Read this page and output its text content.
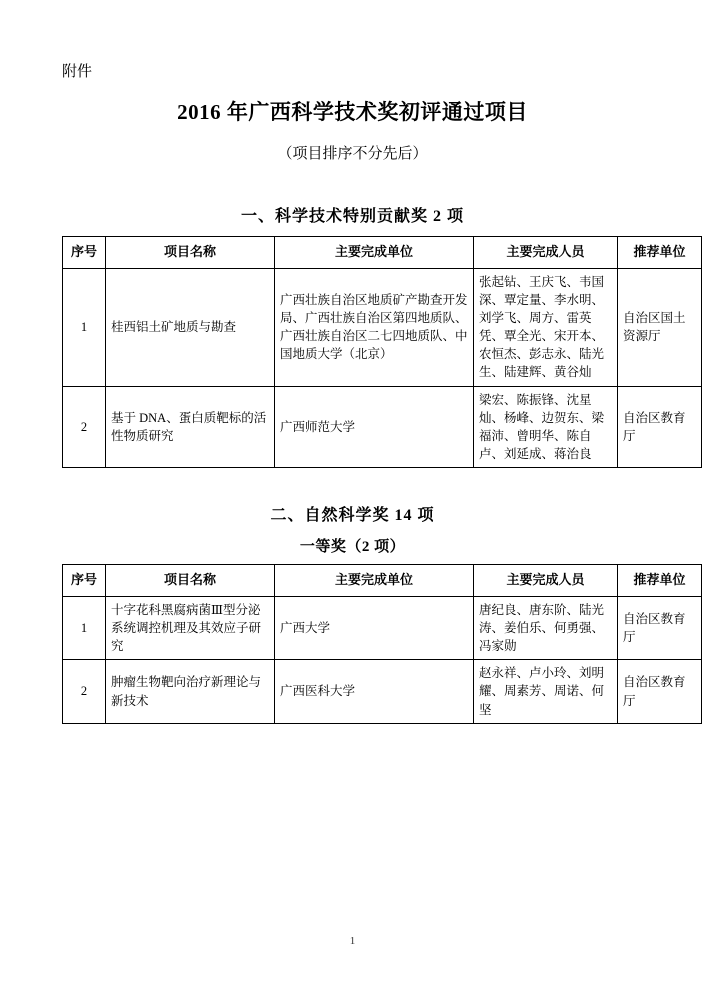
附件
2016 年广西科学技术奖初评通过项目
（项目排序不分先后）
一、科学技术特别贡献奖 2 项
序号	项目名称	主要完成单位	主要完成人员	推荐单位
1	桂西铝土矿地质与勘查	广西壮族自治区地质矿产勘查开发局、广西壮族自治区第四地质队、广西壮族自治区二七四地质队、中国地质大学（北京）	张起钻、王庆飞、韦国深、覃定量、李水明、刘学飞、周方、雷英凭、覃全光、宋开本、农恒杰、彭志永、陆光生、陆建辉、黄谷灿	自治区国土资源厅
2	基于 DNA、蛋白质靶标的活性物质研究	广西师范大学	梁宏、陈振锋、沈星灿、杨峰、边贺东、梁福沛、曾明华、陈自卢、刘延成、蒋治良	自治区教育厅
二、自然科学奖 14 项
一等奖（2 项）
序号	项目名称	主要完成单位	主要完成人员	推荐单位
1	十字花科黑腐病菌Ⅲ型分泌系统调控机理及其效应子研究	广西大学	唐纪良、唐东阶、陆光涛、姜伯乐、何勇强、冯家勋	自治区教育厅
2	肿瘤生物靶向治疗新理论与新技术	广西医科大学	赵永祥、卢小玲、刘明耀、周素芳、周诺、何坚	自治区教育厅
1
